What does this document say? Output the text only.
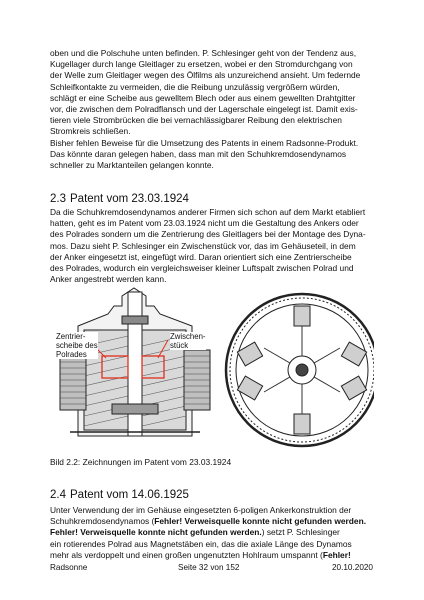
oben und die Polschuhe unten befinden. P. Schlesinger geht von der Tendenz aus,
Kugellager durch lange Gleitlager zu ersetzen, wobei er den Stromdurchgang von
der Welle zum Gleitlager wegen des Ölfilms als unzureichend ansieht. Um federnde
Schleifkontakte zu vermeiden, die die Reibung unzulässig vergrößern würden,
schlägt er eine Scheibe aus gewelltem Blech oder aus einem gewellten Drahtgitter
vor, die zwischen dem Polradflansch und der Lagerschale eingelegt ist. Damit exis-
tieren viele Strombrücken die bei vernachlässigbarer Reibung den elektrischen
Stromkreis schließen.
Bisher fehlen Beweise für die Umsetzung des Patents in einem Radsonne-Produkt.
Das könnte daran gelegen haben, dass man mit den Schuhkremdosendynamos
schneller zu Marktanteilen gelangen konnte.
2.3 Patent vom 23.03.1924
Da die Schuhkremdosendynamos anderer Firmen sich schon auf dem Markt etabliert
hatten, geht es im Patent vom 23.03.1924 nicht um die Gestaltung des Ankers oder
des Polrades sondern um die Zentrierung des Gleitlagers bei der Montage des Dyna-
mos. Dazu sieht P. Schlesinger ein Zwischenstück vor, das im Gehäuseteil, in dem
der Anker eingesetzt ist, eingefügt wird. Daran orientiert sich eine Zentrierscheibe
des Polrades, wodurch ein vergleichsweiser kleiner Luftspalt zwischen Polrad und
Anker angestrebt werden kann.
Zentrier-
scheibe des
Polrades
Zwischen-
stück
Bild 2.2: Zeichnungen im Patent vom 23.03.1924
2.4 Patent vom 14.06.1925
Unter Verwendung der im Gehäuse eingesetzten 6-poligen Ankerkonstruktion der
Schuhkremdosendynamos (Fehler! Verweisquelle konnte nicht gefunden werden.
Fehler! Verweisquelle konnte nicht gefunden werden.) setzt P. Schlesinger
ein rotierendes Polrad aus Magnetstäben ein, das die axiale Länge des Dynamos
mehr als verdoppelt und einen großen ungenutzten Hohlraum umspannt (Fehler!
Radsonne	Seite 32 von 152	20.10.2020
